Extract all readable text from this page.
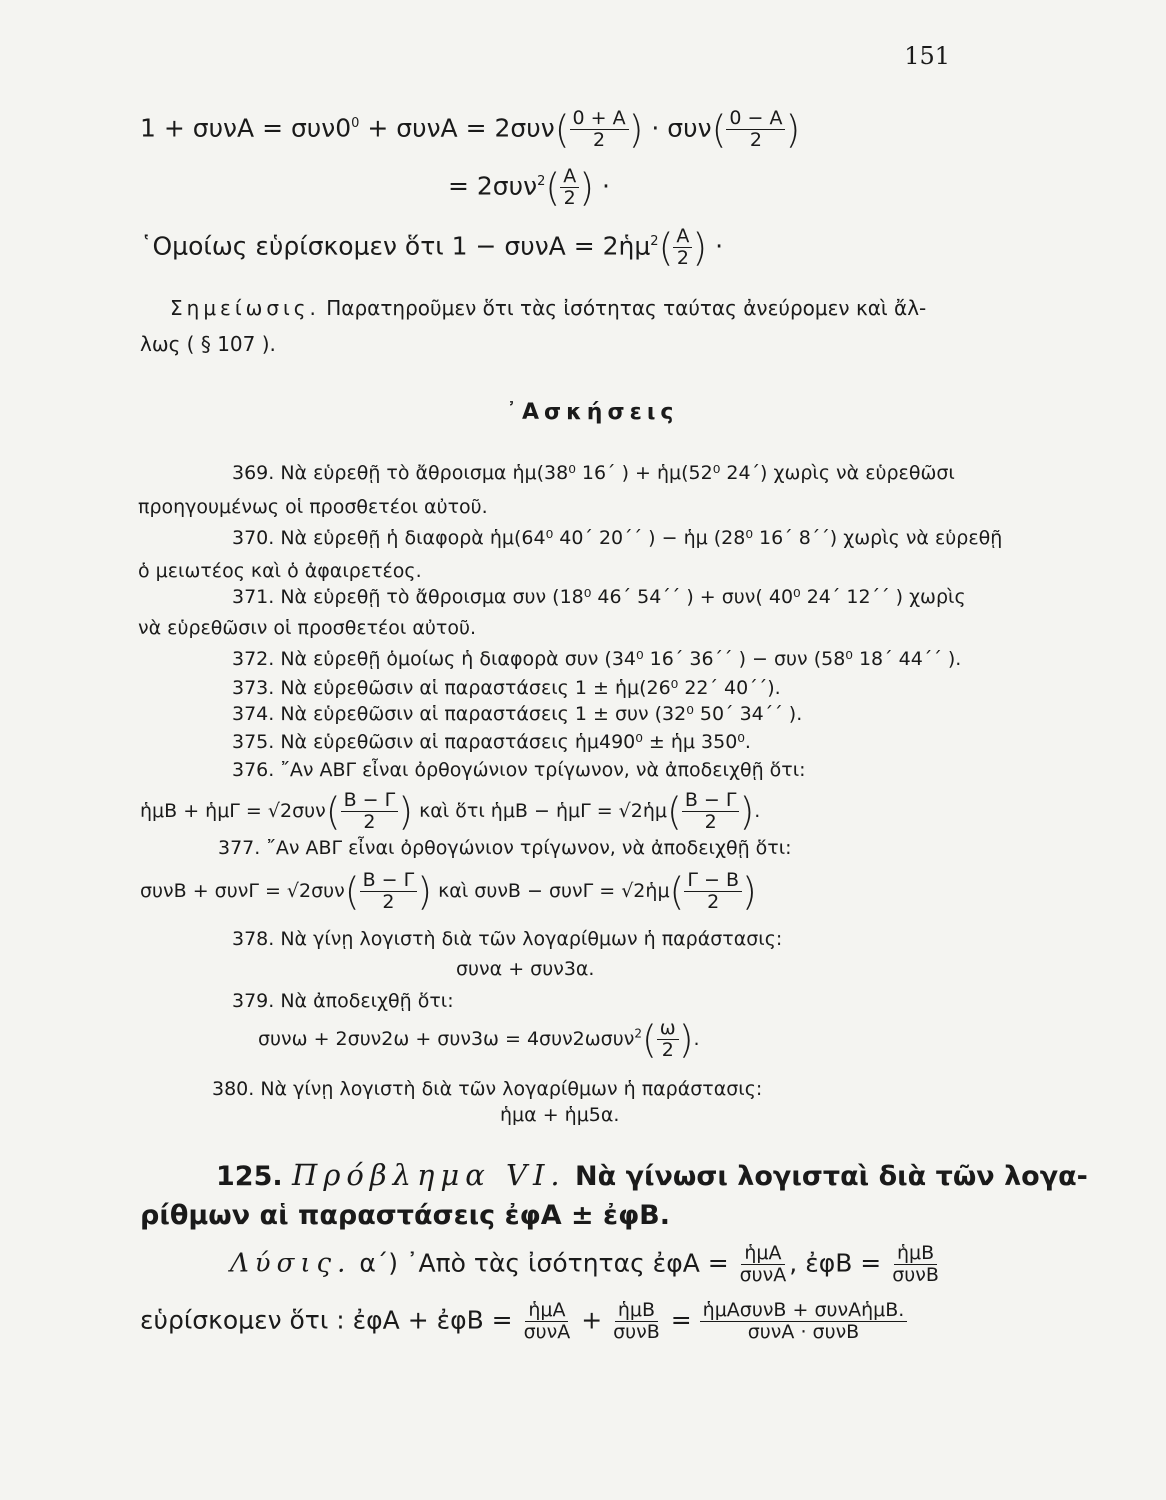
151
$1 + \sigma\upsilon\nu A = \sigma\upsilon\nu 0^0 + \sigma\upsilon\nu A = 2\sigma\upsilon\nu( \frac{0 + A}{2}$ ) · $\sigma\upsilon\nu( \frac{0 - A}{2}$ )
= $2\sigma\upsilon\nu^2( \frac{A}{2}$ ) ·
῾Ομοίως εὑρίσκομεν ὅτι 1 − συνΑ = 2ἡμ$^2$( $\frac{A}{2}$ ) ·
Σημείωσις. Παρατηροῦμεν ὅτι τὰς ἰσότητας ταύτας ἀνεύρομεν καὶ ἄλ-
λως ( § 107 ).
᾿Ασκήσεις
369. Νὰ εὑρεθῇ τὸ ἄθροισμα ἡμ(38⁰ 16΄ ) + ἡμ(52⁰ 24΄) χωρὶς νὰ εὑρεθῶσι
προηγουμένως οἱ προσθετέοι αὐτοῦ.
370. Νὰ εὑρεθῇ ἡ διαφορὰ ἡμ(64⁰ 40΄ 20΄΄ ) − ἡμ (28⁰ 16΄ 8΄΄) χωρὶς νὰ εὑρεθῇ
ὁ μειωτέος καὶ ὁ ἀφαιρετέος.
371. Νὰ εὑρεθῇ τὸ ἄθροισμα συν (18⁰ 46΄ 54΄΄ ) + συν( 40⁰ 24΄ 12΄΄ ) χωρὶς
νὰ εὑρεθῶσιν οἱ προσθετέοι αὐτοῦ.
372. Νὰ εὑρεθῇ ὁμοίως ἡ διαφορὰ συν (34⁰ 16΄ 36΄΄ ) − συν (58⁰ 18΄ 44΄΄ ).
373. Νὰ εὑρεθῶσιν αἱ παραστάσεις 1 ± ἡμ(26⁰ 22΄ 40΄΄).
374. Νὰ εὑρεθῶσιν αἱ παραστάσεις 1 ± συν (32⁰ 50΄ 34΄΄ ).
375. Νὰ εὑρεθῶσιν αἱ παραστάσεις ἡμ490⁰ ± ἡμ 350⁰.
376. ῎Αν ΑΒΓ εἶναι ὀρθογώνιον τρίγωνον, νὰ ἀποδειχθῇ ὅτι:
ἡμΒ + ἡμΓ = $√2\sigma\upsilon\nu( \frac{B - \Gamma}{2}$ ) καὶ ὅτι ἡμΒ − ἡμΓ = √2ἡμ( $\frac{B - \Gamma}{2}$ ).
377. ῎Αν ΑΒΓ εἶναι ὀρθογώνιον τρίγωνον, νὰ ἀποδειχθῇ ὅτι:
$\sigma\upsilon\nu B + \sigma\upsilon\nu\Gamma = √2\sigma\upsilon\nu( \frac{B - \Gamma}{2}$ ) καὶ συνΒ − συνΓ = √2ἡμ( $\frac{\Gamma - B}{2}$ )
378. Νὰ γίνῃ λογιστὴ διὰ τῶν λογαρίθμων ἡ παράστασις:
συνα + συν3α.
379. Νὰ ἀποδειχθῇ ὅτι:
$\sigma\upsilon\nu\omega + 2\sigma\upsilon\nu 2\omega + \sigma\upsilon\nu 3\omega = 4\sigma\upsilon\nu 2\omega\sigma\upsilon\nu^2( \frac{\omega}{2}$ ).
380. Νὰ γίνῃ λογιστὴ διὰ τῶν λογαρίθμων ἡ παράστασις:
ἡμα + ἡμ5α.
125. Πρόβλημα VI. Νὰ γίνωσι λογισταὶ διὰ τῶν λογα-
ρίθμων αἱ παραστάσεις ἐφΑ ± ἐφΒ.
Λύσις. α΄) ᾿Απὸ τὰς ἰσότητας ἐφΑ = $\frac{\text{ἡμΑ}}{\text{συνΑ}}$ , ἐφΒ = $\frac{\text{ἡμΒ}}{\text{συνΒ}}$
εὑρίσκομεν ὅτι : ἐφΑ + ἐφΒ = $\frac{\text{ἡμΑ}}{\text{συνΑ}} + \frac{\text{ἡμΒ}}{\text{συνΒ}} = \frac{\text{ἡμΑσυνΒ + συνΑἡμΒ.}}{\text{συνΑ · συνΒ}}$
